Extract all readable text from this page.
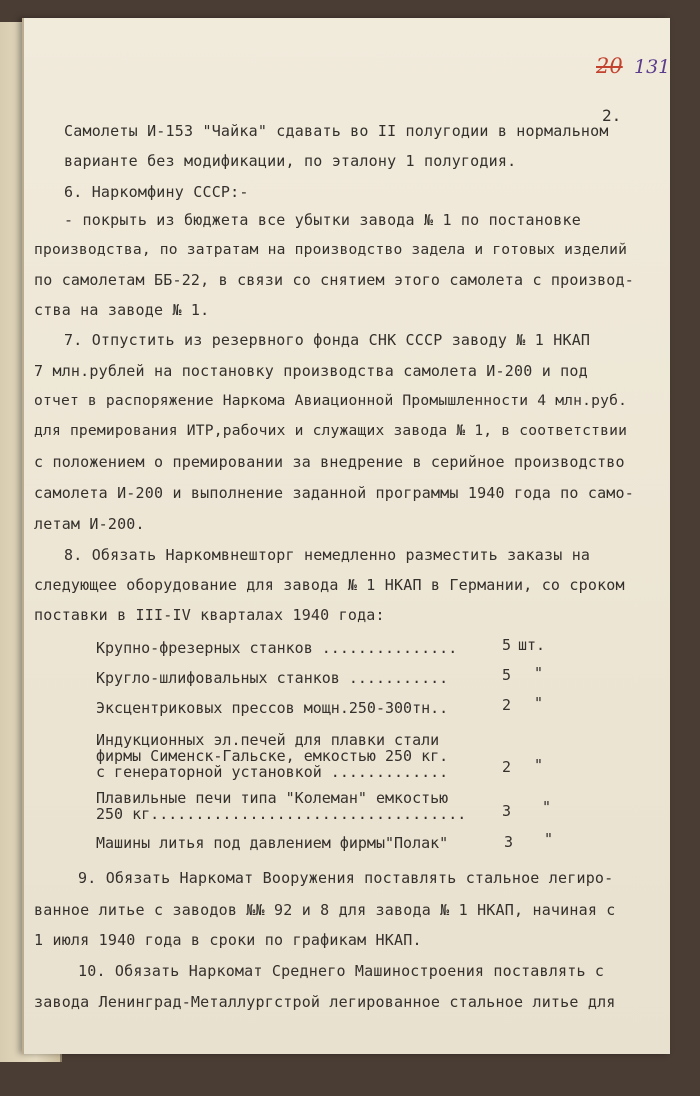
20 131
2.
Самолеты И-153 "Чайка" сдавать во II полугодии в нормальном
варианте без модификации, по эталону 1 полугодия.
6. Наркомфину СССР:-
- покрыть из бюджета все убытки завода № 1 по постановке
производства, по затратам на производство задела и готовых изделий
по самолетам ББ-22, в связи со снятием этого самолета с производ-
ства на заводе № 1.
7. Отпустить из резервного фонда СНК СССР заводу № 1 НКАП
7 млн.рублей на постановку производства самолета И-200 и под
отчет в распоряжение Наркома Авиационной Промышленности 4 млн.руб.
для премирования ИТР,рабочих и служащих завода № 1, в соответствии
с положением о премировании за внедрение в серийное производство
самолета И-200 и выполнение заданной программы 1940 года по само-
летам И-200.
8. Обязать Наркомвнешторг немедленно разместить заказы на
следующее оборудование для завода № 1 НКАП в Германии, со сроком
поставки в III-IV кварталах 1940 года:
Крупно-фрезерных станков ...............	5 шт.
Кругло-шлифовальных станков ...........	5 "
Эксцентриковых прессов мощн.250-300тн..	2 "
Индукционных эл.печей для плавки стали
фирмы Сименск-Гальске, емкостью 250 кг.
с генераторной установкой .............	2 "
Плавильные печи типа "Колеман" емкостью
250 кг................................... 3 "
Машины литья под давлением фирмы"Полак"	3 "
9. Обязать Наркомат Вооружения поставлять стальное легиро-
ванное литье с заводов №№ 92 и 8 для завода № 1 НКАП, начиная с
1 июля 1940 года в сроки по графикам НКАП.
10. Обязать Наркомат Среднего Машиностроения поставлять с
завода Ленинград-Металлургстрой легированное стальное литье для
